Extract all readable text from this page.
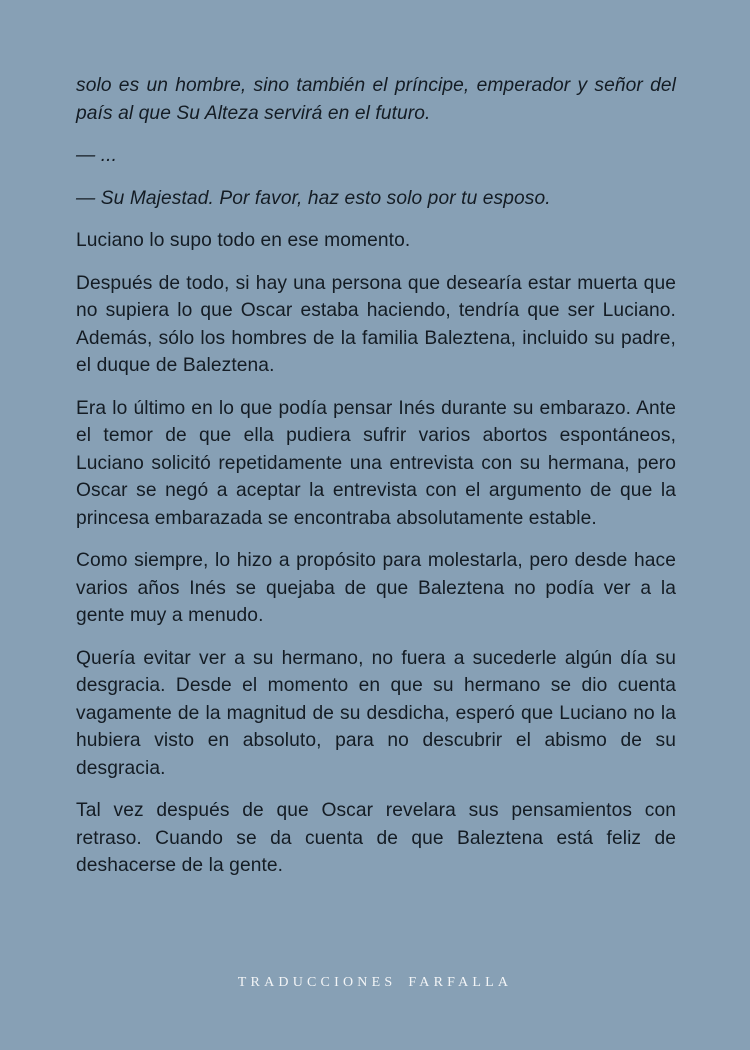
solo es un hombre, sino también el príncipe, emperador y señor del país al que Su Alteza servirá en el futuro.

— ...

— Su Majestad. Por favor, haz esto solo por tu esposo.

Luciano lo supo todo en ese momento.

Después de todo, si hay una persona que desearía estar muerta que no supiera lo que Oscar estaba haciendo, tendría que ser Luciano. Además, sólo los hombres de la familia Baleztena, incluido su padre, el duque de Baleztena.

Era lo último en lo que podía pensar Inés durante su embarazo. Ante el temor de que ella pudiera sufrir varios abortos espontáneos, Luciano solicitó repetidamente una entrevista con su hermana, pero Oscar se negó a aceptar la entrevista con el argumento de que la princesa embarazada se encontraba absolutamente estable.

Como siempre, lo hizo a propósito para molestarla, pero desde hace varios años Inés se quejaba de que Baleztena no podía ver a la gente muy a menudo.

Quería evitar ver a su hermano, no fuera a sucederle algún día su desgracia. Desde el momento en que su hermano se dio cuenta vagamente de la magnitud de su desdicha, esperó que Luciano no la hubiera visto en absoluto, para no descubrir el abismo de su desgracia.

Tal vez después de que Oscar revelara sus pensamientos con retraso. Cuando se da cuenta de que Baleztena está feliz de deshacerse de la gente.

TRADUCCIONES FARFALLA
